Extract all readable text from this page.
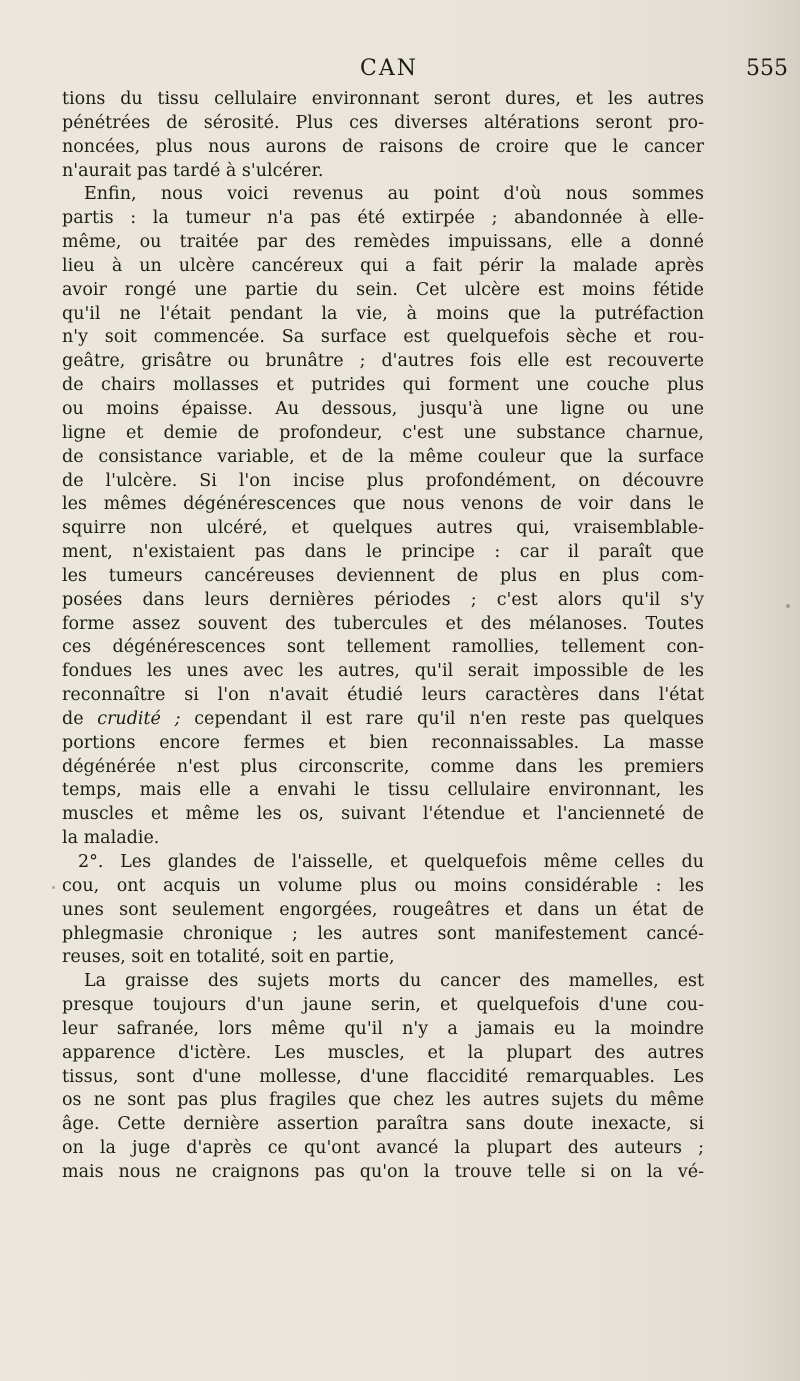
CAN	555
tions du tissu cellulaire environnant seront dures, et les autres
pénétrées de sérosité. Plus ces diverses altérations seront pro-
noncées, plus nous aurons de raisons de croire que le cancer
n'aurait pas tardé à s'ulcérer.
Enfin, nous voici revenus au point d'où nous sommes
partis : la tumeur n'a pas été extirpée ; abandonnée à elle-
même, ou traitée par des remèdes impuissans, elle a donné
lieu à un ulcère cancéreux qui a fait périr la malade après
avoir rongé une partie du sein. Cet ulcère est moins fétide
qu'il ne l'était pendant la vie, à moins que la putréfaction
n'y soit commencée. Sa surface est quelquefois sèche et rou-
geâtre, grisâtre ou brunâtre ; d'autres fois elle est recouverte
de chairs mollasses et putrides qui forment une couche plus
ou moins épaisse. Au dessous, jusqu'à une ligne ou une
ligne et demie de profondeur, c'est une substance charnue,
de consistance variable, et de la même couleur que la surface
de l'ulcère. Si l'on incise plus profondément, on découvre
les mêmes dégénérescences que nous venons de voir dans le
squirre non ulcéré, et quelques autres qui, vraisemblable-
ment, n'existaient pas dans le principe : car il paraît que
les tumeurs cancéreuses deviennent de plus en plus com-
posées dans leurs dernières périodes ; c'est alors qu'il s'y
forme assez souvent des tubercules et des mélanoses. Toutes
ces dégénérescences sont tellement ramollies, tellement con-
fondues les unes avec les autres, qu'il serait impossible de les
reconnaître si l'on n'avait étudié leurs caractères dans l'état
de crudité ; cependant il est rare qu'il n'en reste pas quelques
portions encore fermes et bien reconnaissables. La masse
dégénérée n'est plus circonscrite, comme dans les premiers
temps, mais elle a envahi le tissu cellulaire environnant, les
muscles et même les os, suivant l'étendue et l'ancienneté de
la maladie.
2°. Les glandes de l'aisselle, et quelquefois même celles du
cou, ont acquis un volume plus ou moins considérable : les
unes sont seulement engorgées, rougeâtres et dans un état de
phlegmasie chronique ; les autres sont manifestement cancé-
reuses, soit en totalité, soit en partie,
La graisse des sujets morts du cancer des mamelles, est
presque toujours d'un jaune serin, et quelquefois d'une cou-
leur safranée, lors même qu'il n'y a jamais eu la moindre
apparence d'ictère. Les muscles, et la plupart des autres
tissus, sont d'une mollesse, d'une flaccidité remarquables. Les
os ne sont pas plus fragiles que chez les autres sujets du même
âge. Cette dernière assertion paraîtra sans doute inexacte, si
on la juge d'après ce qu'ont avancé la plupart des auteurs ;
mais nous ne craignons pas qu'on la trouve telle si on la vé-
